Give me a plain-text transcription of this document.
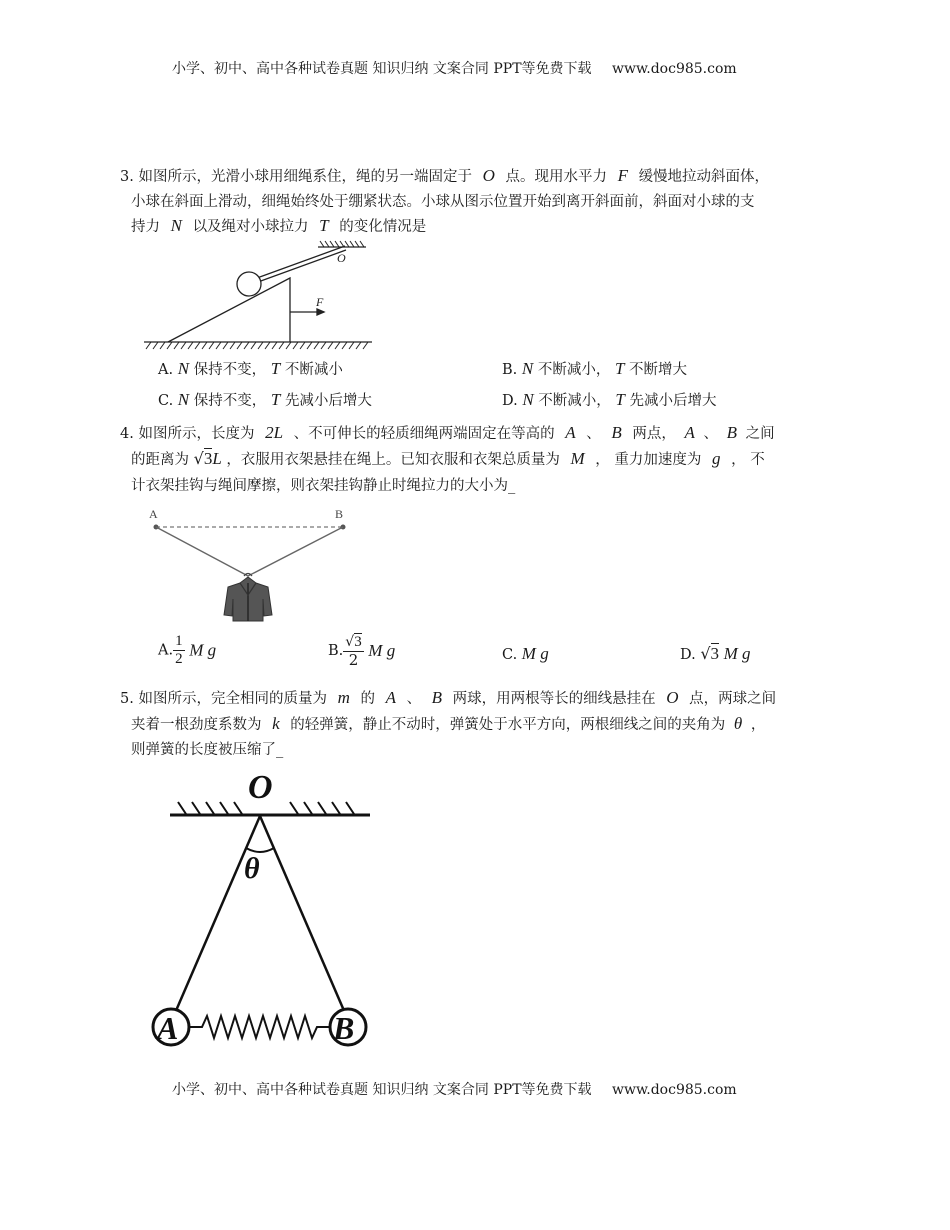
小学、初中、高中各种试卷真题 知识归纳 文案合同 PPT等免费下载 www.doc985.com
3. 如图所示，光滑小球用细绳系住，绳的另一端固定于 O 点。现用水平力 F 缓慢地拉动斜面体，
小球在斜面上滑动，细绳始终处于绷紧状态。小球从图示位置开始到离开斜面前，斜面对小球的支
持力 N 以及绳对小球拉力 T 的变化情况是
O
F
A. N 保持不变， T 不断减小	B. N 不断减小， T 不断增大
C. N 保持不变， T 先减小后增大	D. N 不断减小， T 先减小后增大
4. 如图所示，长度为 2L 、不可伸长的轻质细绳两端固定在等高的 A 、 B 两点， A 、 B 之间
的距离为 √3L ，衣服用衣架悬挂在绳上。已知衣服和衣架总质量为 M ， 重力加速度为 g ， 不
计衣架挂钩与绳间摩擦，则衣架挂钩静止时绳拉力的大小为_
A	B
A. $\frac{1}{2}$ M g	B. $\frac{√3}{2}$ M g	C. M g	D. √3 M g
5. 如图所示，完全相同的质量为 m 的 A 、 B 两球，用两根等长的细线悬挂在 O 点，两球之间
夹着一根劲度系数为 k 的轻弹簧，静止不动时，弹簧处于水平方向，两根细线之间的夹角为 θ ，
则弹簧的长度被压缩了_
O
θ
A	B
小学、初中、高中各种试卷真题 知识归纳 文案合同 PPT等免费下载 www.doc985.com
